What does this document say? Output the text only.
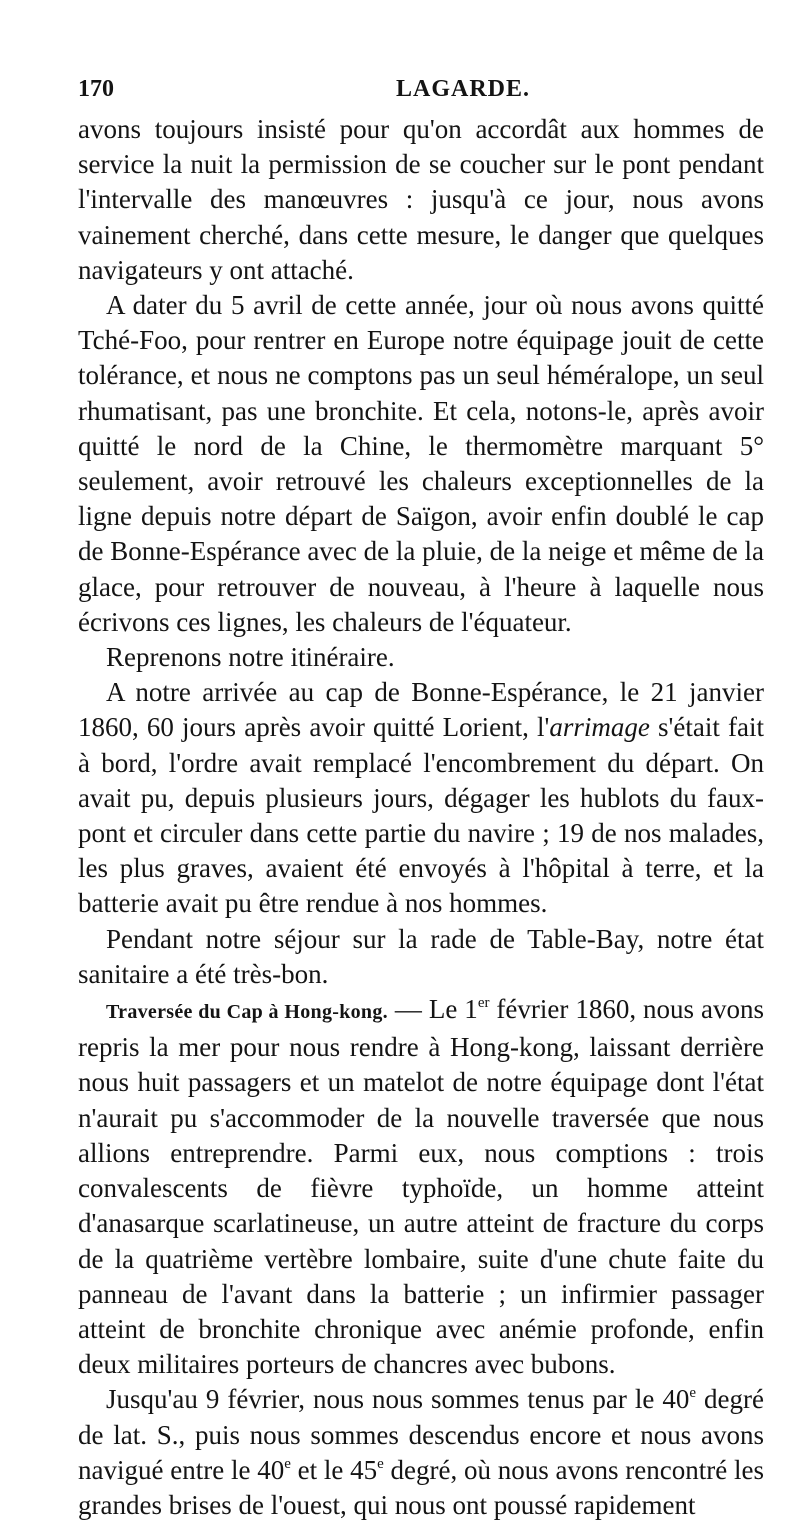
170	LAGARDE.

avons toujours insisté pour qu'on accordât aux hommes de service la nuit la permission de se coucher sur le pont pendant l'intervalle des manœuvres : jusqu'à ce jour, nous avons vainement cherché, dans cette mesure, le danger que quelques navigateurs y ont attaché.

A dater du 5 avril de cette année, jour où nous avons quitté Tché-Foo, pour rentrer en Europe notre équipage jouit de cette tolérance, et nous ne comptons pas un seul héméralope, un seul rhumatisant, pas une bronchite. Et cela, notons-le, après avoir quitté le nord de la Chine, le thermomètre marquant 5° seulement, avoir retrouvé les chaleurs exceptionnelles de la ligne depuis notre départ de Saïgon, avoir enfin doublé le cap de Bonne-Espérance avec de la pluie, de la neige et même de la glace, pour retrouver de nouveau, à l'heure à laquelle nous écrivons ces lignes, les chaleurs de l'équateur.

Reprenons notre itinéraire.

A notre arrivée au cap de Bonne-Espérance, le 21 janvier 1860, 60 jours après avoir quitté Lorient, l'arrimage s'était fait à bord, l'ordre avait remplacé l'encombrement du départ. On avait pu, depuis plusieurs jours, dégager les hublots du faux-pont et circuler dans cette partie du navire ; 19 de nos malades, les plus graves, avaient été envoyés à l'hôpital à terre, et la batterie avait pu être rendue à nos hommes.

Pendant notre séjour sur la rade de Table-Bay, notre état sanitaire a été très-bon.

Traversée du Cap à Hong-kong. — Le 1er février 1860, nous avons repris la mer pour nous rendre à Hong-kong, laissant derrière nous huit passagers et un matelot de notre équipage dont l'état n'aurait pu s'accommoder de la nouvelle traversée que nous allions entreprendre. Parmi eux, nous comptions : trois convalescents de fièvre typhoïde, un homme atteint d'anasarque scarlatineuse, un autre atteint de fracture du corps de la quatrième vertèbre lombaire, suite d'une chute faite du panneau de l'avant dans la batterie ; un infirmier passager atteint de bronchite chronique avec anémie profonde, enfin deux militaires porteurs de chancres avec bubons.

Jusqu'au 9 février, nous nous sommes tenus par le 40e degré de lat. S., puis nous sommes descendus encore et nous avons navigué entre le 40e et le 45e degré, où nous avons rencontré les grandes brises de l'ouest, qui nous ont poussé rapidement
